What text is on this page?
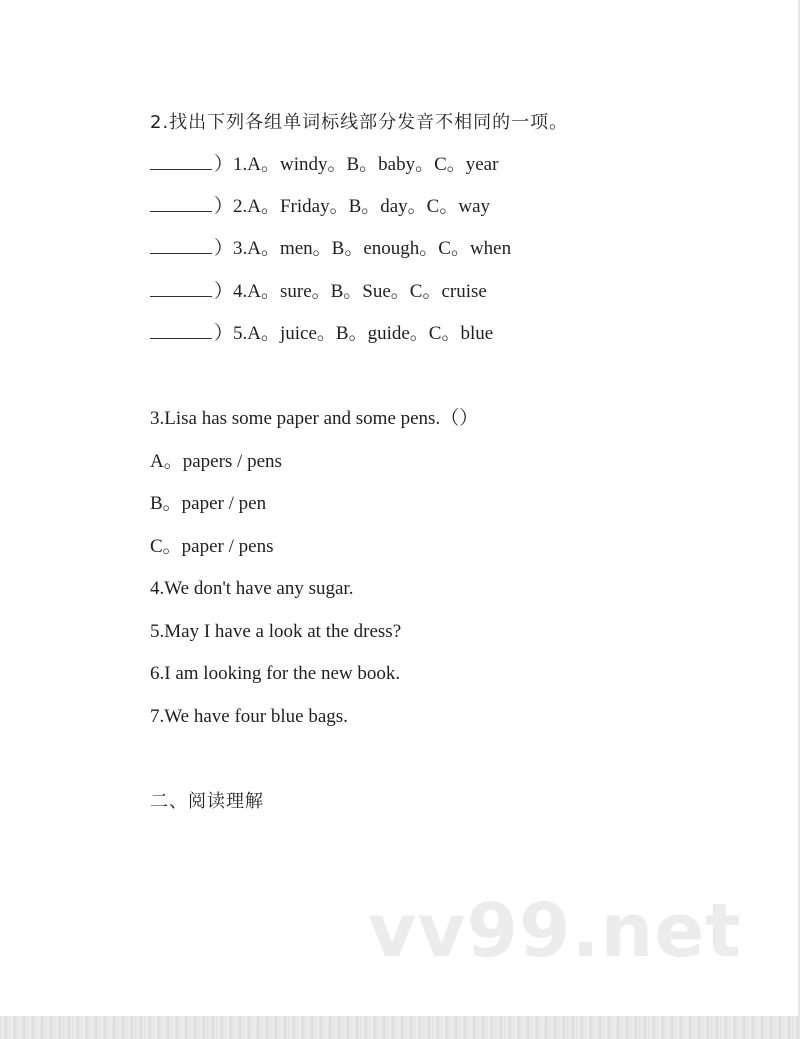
2.找出下列各组单词标线部分发音不相同的一项。
）1.A。windy。B。baby。C。year
）2.A。Friday。B。day。C。way
）3.A。men。B。enough。C。when
）4.A。sure。B。Sue。C。cruise
）5.A。juice。B。guide。C。blue
3.Lisa has some paper and some pens.（）
A。papers / pens
B。paper / pen
C。paper / pens
4.We don't have any sugar.
5.May I have a look at the dress?
6.I am looking for the new book.
7.We have four blue bags.
二、阅读理解
vv99.net
